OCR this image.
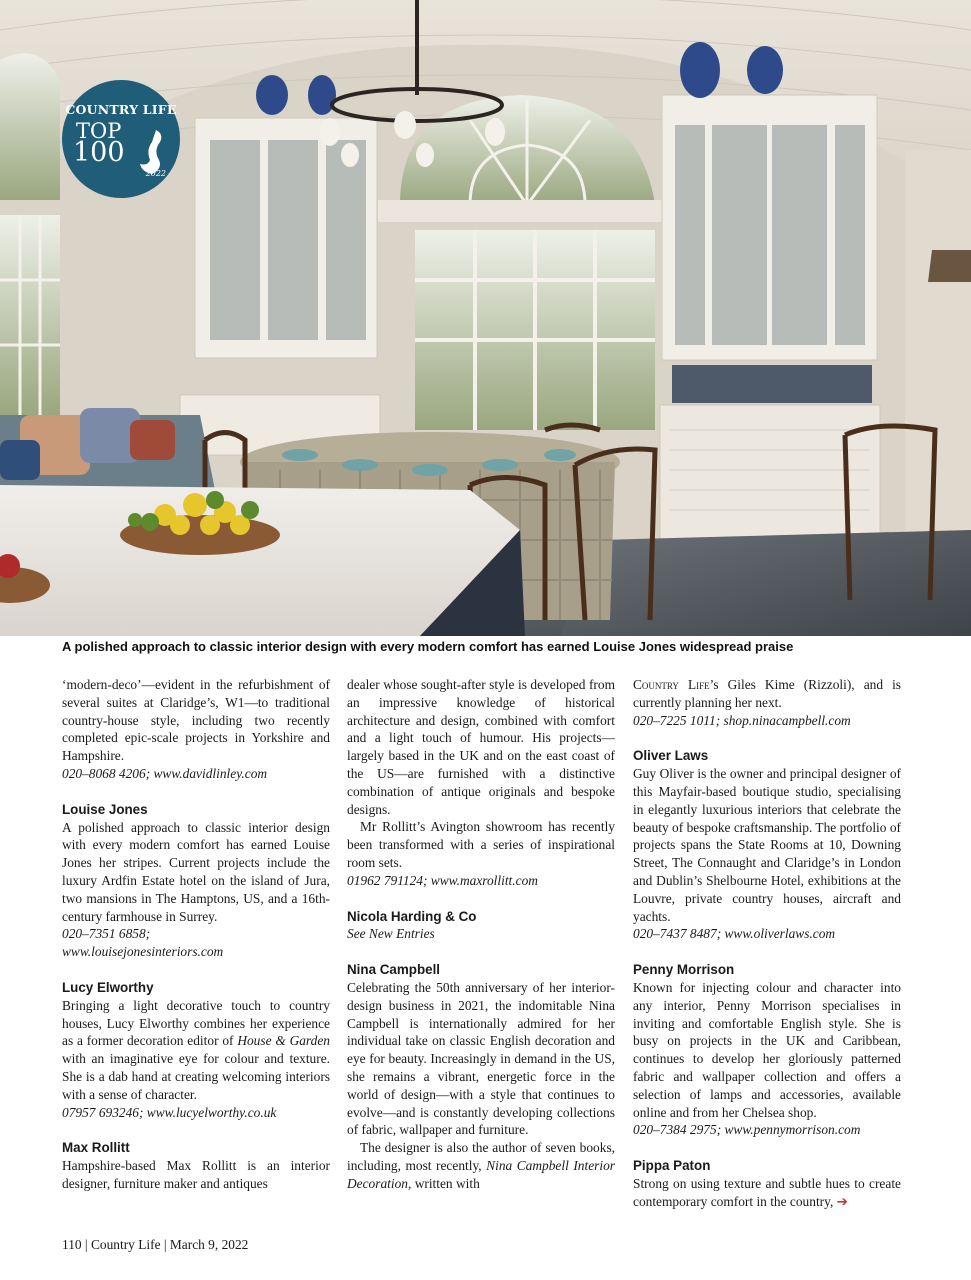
COUNTRY LIFE
TOP
100
2022
A polished approach to classic interior design with every modern comfort has earned Louise Jones widespread praise

‘modern-deco’—evident in the refurbishment of several suites at Claridge’s, W1—to traditional country-house style, including two recently completed epic-scale projects in Yorkshire and Hampshire.

020–8068 4206; www.davidlinley.com

Louise Jones

A polished approach to classic interior design with every modern comfort has earned Louise Jones her stripes. Current projects include the luxury Ardfin Estate hotel on the island of Jura, two mansions in The Hamptons, US, and a 16th-century farmhouse in Surrey.

020–7351 6858;

www.louisejonesinteriors.com

Lucy Elworthy

Bringing a light decorative touch to country houses, Lucy Elworthy combines her experience as a former decoration editor of House & Garden with an imaginative eye for colour and texture. She is a dab hand at creating welcoming interiors with a sense of character.

07957 693246; www.lucyelworthy.co.uk

Max Rollitt

Hampshire-based Max Rollitt is an interior designer, furniture maker and antiques

dealer whose sought-after style is developed from an impressive knowledge of historical architecture and design, combined with comfort and a light touch of humour. His projects—largely based in the UK and on the east coast of the US—are furnished with a distinctive combination of antique originals and bespoke designs.

Mr Rollitt’s Avington showroom has recently been transformed with a series of inspirational room sets.

01962 791124; www.maxrollitt.com

Nicola Harding & Co

See New Entries

Nina Campbell

Celebrating the 50th anniversary of her interior-design business in 2021, the indomitable Nina Campbell is internationally admired for her individual take on classic English decoration and eye for beauty. Increasingly in demand in the US, she remains a vibrant, energetic force in the world of design—with a style that continues to evolve—and is constantly developing collections of fabric, wallpaper and furniture.

The designer is also the author of seven books, including, most recently, Nina Campbell Interior Decoration, written with

Country Life’s Giles Kime (Rizzoli), and is currently planning her next.

020–7225 1011; shop.ninacampbell.com

Oliver Laws

Guy Oliver is the owner and principal designer of this Mayfair-based boutique studio, specialising in elegantly luxurious interiors that celebrate the beauty of bespoke craftsmanship. The portfolio of projects spans the State Rooms at 10, Downing Street, The Connaught and Claridge’s in London and Dublin’s Shelbourne Hotel, exhibitions at the Louvre, private country houses, aircraft and yachts.

020–7437 8487; www.oliverlaws.com

Penny Morrison

Known for injecting colour and character into any interior, Penny Morrison specialises in inviting and comfortable English style. She is busy on projects in the UK and Caribbean, continues to develop her gloriously patterned fabric and wallpaper collection and offers a selection of lamps and accessories, available online and from her Chelsea shop.

020–7384 2975; www.pennymorrison.com

Pippa Paton

Strong on using texture and subtle hues to create contemporary comfort in the country, ➔

110 | Country Life | March 9, 2022
